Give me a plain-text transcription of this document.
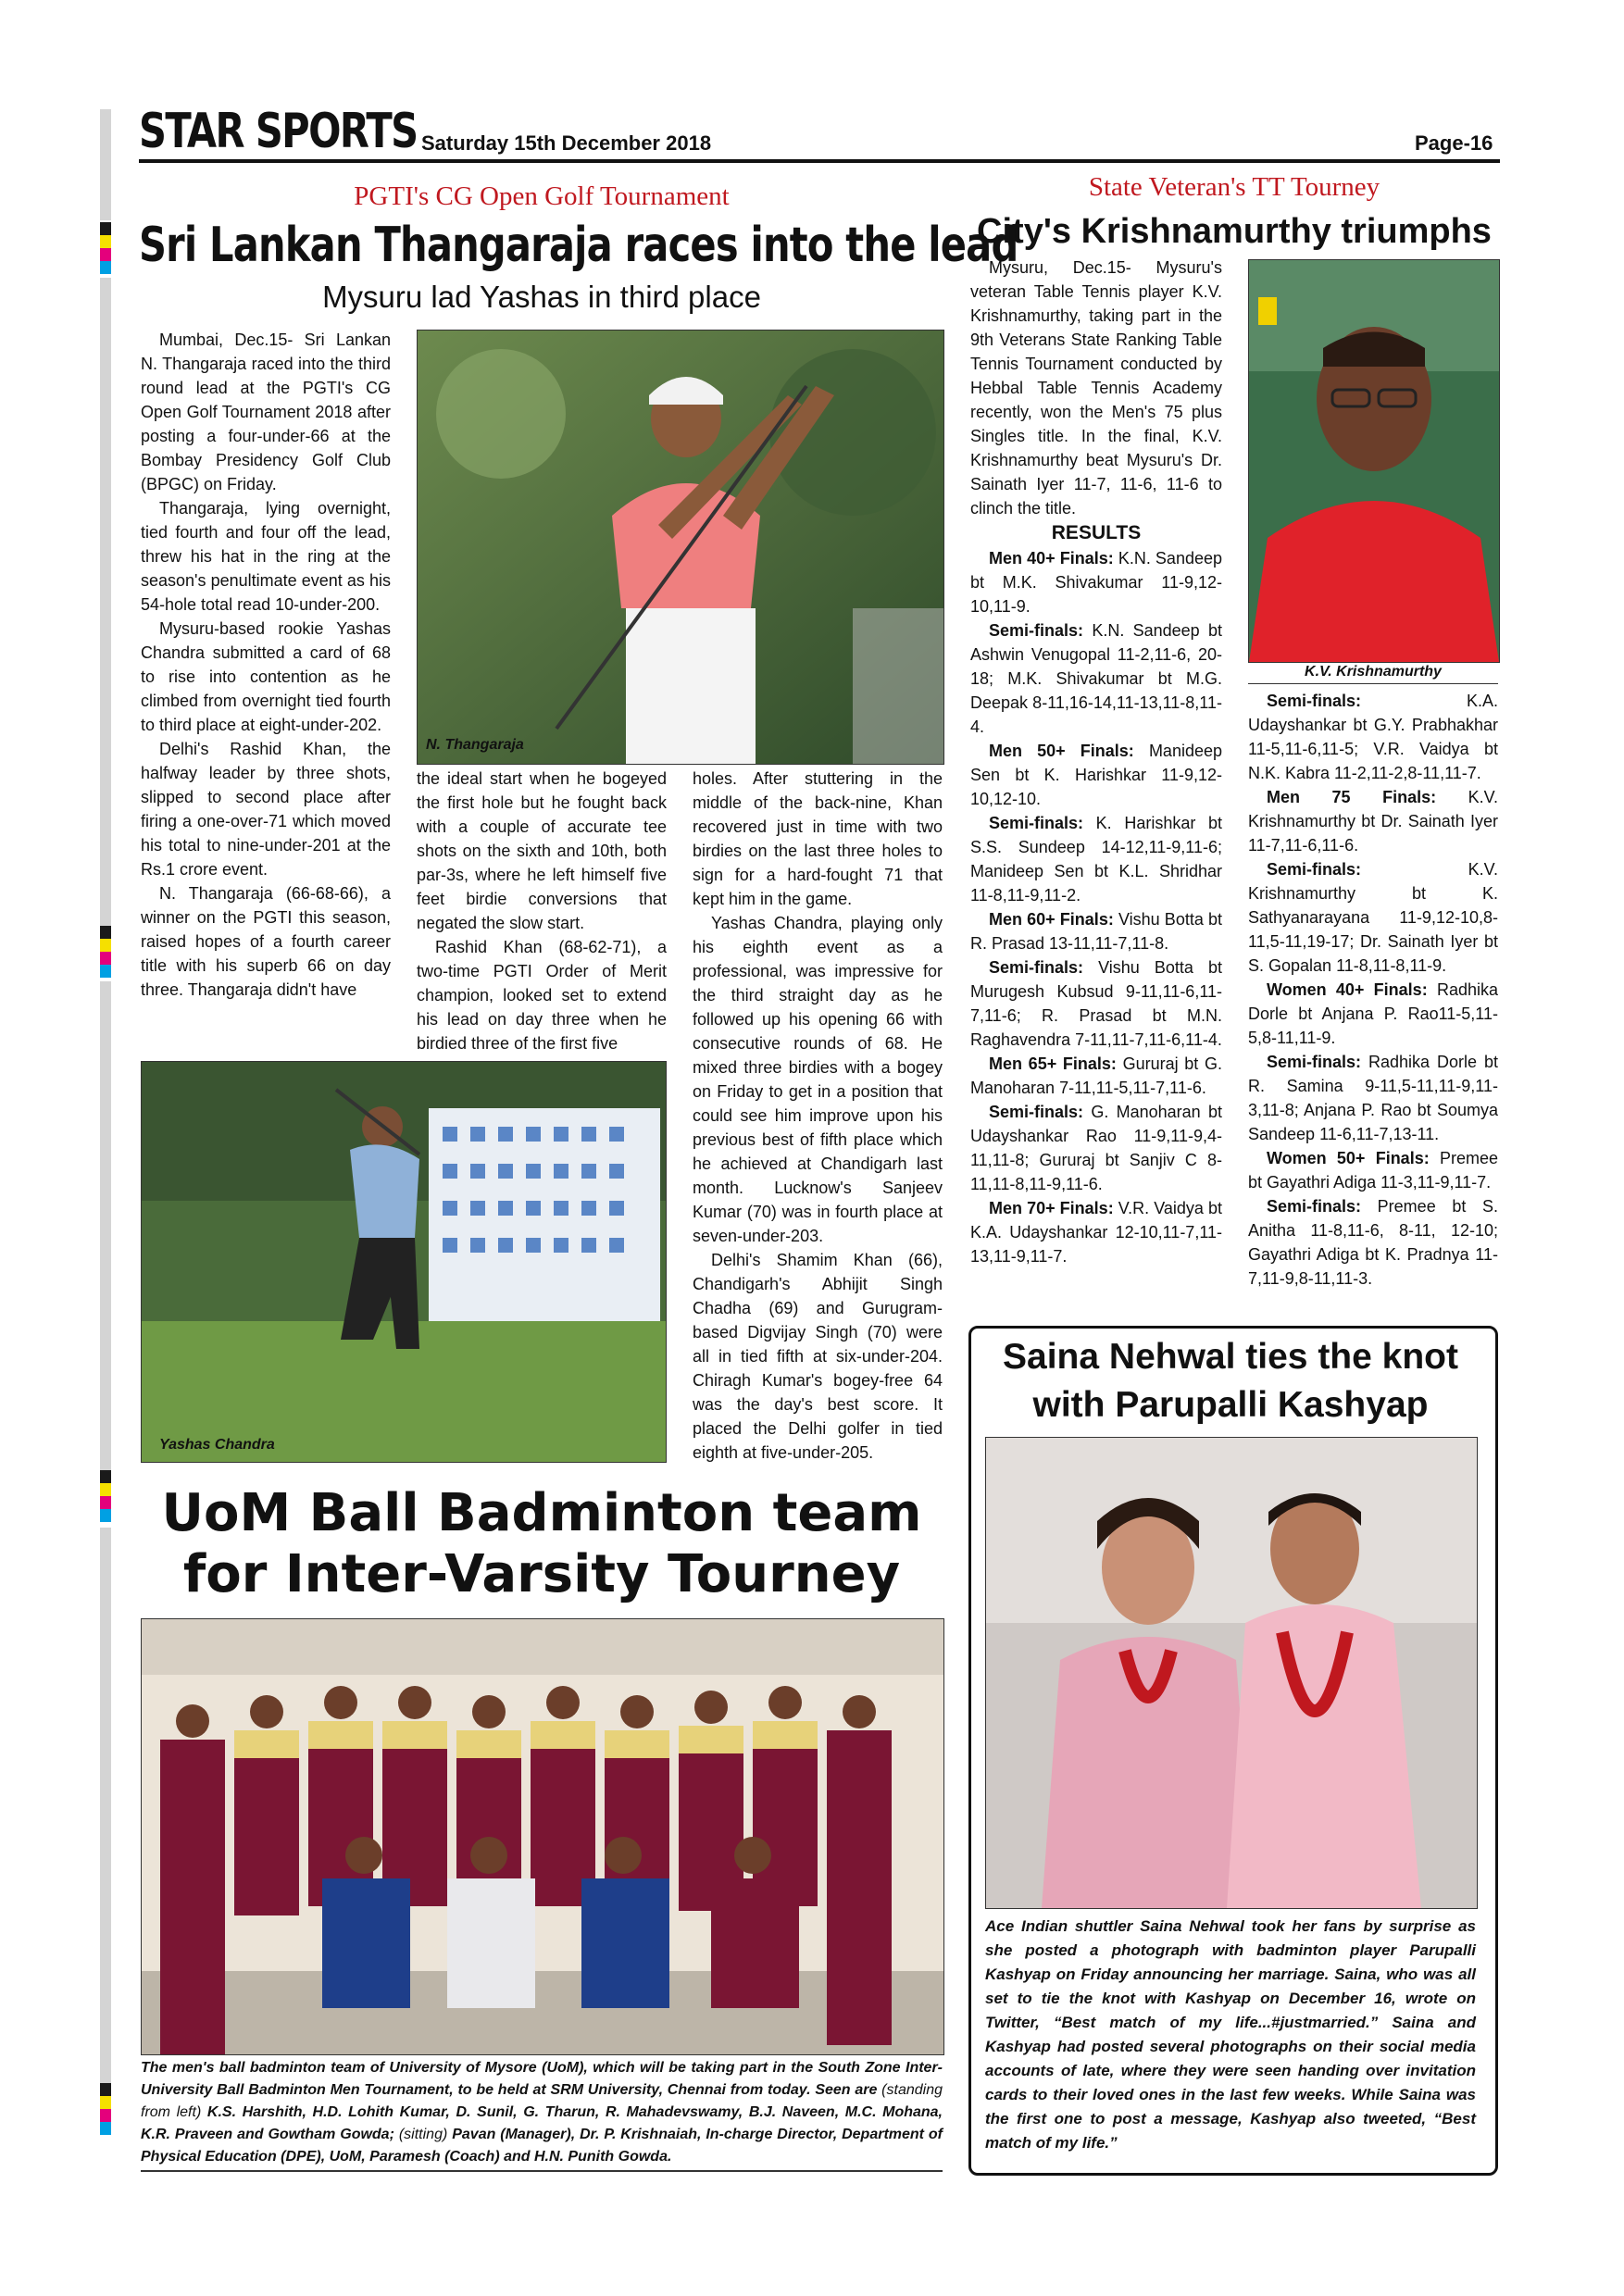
STAR SPORTS Saturday 15th December 2018	Page-16
PGTI's CG Open Golf Tournament
Sri Lankan Thangaraja races into the lead
Mysuru lad Yashas in third place

Mumbai, Dec.15- Sri Lankan N. Thangaraja raced into the third round lead at the PGTI's CG Open Golf Tournament 2018 after posting a four-under-66 at the Bombay Presidency Golf Club (BPGC) on Friday.

Thangaraja, lying overnight, tied fourth and four off the lead, threw his hat in the ring at the season's penultimate event as his 54-hole total read 10-under-200.

Mysuru-based rookie Yashas Chandra submitted a card of 68 to rise into contention as he climbed from overnight tied fourth to third place at eight-under-202.

Delhi's Rashid Khan, the halfway leader by three shots, slipped to second place after firing a one-over-71 which moved his total to nine-under-201 at the Rs.1 crore event.

N. Thangaraja (66-68-66), a winner on the PGTI this season, raised hopes of a fourth career title with his superb 66 on day three. Thangaraja didn't have

N. Thangaraja

the ideal start when he bogeyed the first hole but he fought back with a couple of accurate tee shots on the sixth and 10th, both par-3s, where he left himself five feet birdie conversions that negated the slow start.

Rashid Khan (68-62-71), a two-time PGTI Order of Merit champion, looked set to extend his lead on day three when he birdied three of the first five

holes. After stuttering in the middle of the back-nine, Khan recovered just in time with two birdies on the last three holes to sign for a hard-fought 71 that kept him in the game.

Yashas Chandra, playing only his eighth event as a professional, was impressive for the third straight day as he followed up his opening 66 with consecutive rounds of 68. He mixed three birdies with a bogey on Friday to get in a position that could see him improve upon his previous best of fifth place which he achieved at Chandigarh last month. Lucknow's Sanjeev Kumar (70) was in fourth place at seven-under-203.

Delhi's Shamim Khan (66), Chandigarh's Abhijit Singh Chadha (69) and Gurugram-based Digvijay Singh (70) were all in tied fifth at six-under-204. Chiragh Kumar's bogey-free 64 was the day's best score. It placed the Delhi golfer in tied eighth at five-under-205.

Yashas Chandra
State Veteran's TT Tourney
City's Krishnamurthy triumphs

Mysuru, Dec.15- Mysuru's veteran Table Tennis player K.V. Krishnamurthy, taking part in the 9th Veterans State Ranking Table Tennis Tournament conducted by Hebbal Table Tennis Academy recently, won the Men's 75 plus Singles title. In the final, K.V. Krishnamurthy beat Mysuru's Dr. Sainath Iyer 11-7, 11-6, 11-6 to clinch the title.

RESULTS

Men 40+ Finals: K.N. Sandeep bt M.K. Shivakumar 11-9,12-10,11-9.

Semi-finals: K.N. Sandeep bt Ashwin Venugopal 11-2,11-6, 20-18; M.K. Shivakumar bt M.G. Deepak 8-11,16-14,11-13,11-8,11-4.

Men 50+ Finals: Manideep Sen bt K. Harishkar 11-9,12-10,12-10.

Semi-finals: K. Harishkar bt S.S. Sundeep 14-12,11-9,11-6; Manideep Sen bt K.L. Shridhar 11-8,11-9,11-2.

Men 60+ Finals: Vishu Botta bt R. Prasad 13-11,11-7,11-8.

Semi-finals: Vishu Botta bt Murugesh Kubsud 9-11,11-6,11-7,11-6; R. Prasad bt M.N. Raghavendra 7-11,11-7,11-6,11-4.

Men 65+ Finals: Gururaj bt G. Manoharan 7-11,11-5,11-7,11-6.

Semi-finals: G. Manoharan bt Udayshankar Rao 11-9,11-9,4-11,11-8; Gururaj bt Sanjiv C 8-11,11-8,11-9,11-6.

Men 70+ Finals: V.R. Vaidya bt K.A. Udayshankar 12-10,11-7,11-13,11-9,11-7.

K.V. Krishnamurthy

Semi-finals:	K.A. Udayshankar bt G.Y. Prabhakhar 11-5,11-6,11-5; V.R. Vaidya bt N.K. Kabra 11-2,11-2,8-11,11-7.

Men 75 Finals: K.V. Krishnamurthy bt Dr. Sainath Iyer 11-7,11-6,11-6.

Semi-finals:	K.V. Krishnamurthy bt K. Sathyanarayana 11-9,12-10,8-11,5-11,19-17; Dr. Sainath Iyer bt S. Gopalan 11-8,11-8,11-9.

Women 40+ Finals: Radhika Dorle bt Anjana P. Rao11-5,11-5,8-11,11-9.

Semi-finals: Radhika Dorle bt R. Samina 9-11,5-11,11-9,11-3,11-8; Anjana P. Rao bt Soumya Sandeep 11-6,11-7,13-11.

Women 50+ Finals: Premee bt Gayathri Adiga 11-3,11-9,11-7.

Semi-finals: Premee bt S. Anitha 11-8,11-6, 8-11, 12-10; Gayathri Adiga bt K. Pradnya 11-7,11-9,8-11,11-3.

UoM Ball Badminton team
for Inter-Varsity Tourney
The men's ball badminton team of University of Mysore (UoM), which will be taking part in the South Zone Inter-University Ball Badminton Men Tournament, to be held at SRM University, Chennai from today. Seen are (standing from left) K.S. Harshith, H.D. Lohith Kumar, D. Sunil, G. Tharun, R. Mahadevswamy, B.J. Naveen, M.C. Mohana, K.R. Praveen and Gowtham Gowda; (sitting) Pavan (Manager), Dr. P. Krishnaiah, In-charge Director, Department of Physical Education (DPE), UoM, Paramesh (Coach) and H.N. Punith Gowda.
Saina Nehwal ties the knot
with Parupalli Kashyap
Ace Indian shuttler Saina Nehwal took her fans by surprise as she posted a photograph with badminton player Parupalli Kashyap on Friday announcing her marriage. Saina, who was all set to tie the knot with Kashyap on December 16, wrote on Twitter, “Best match of my life...#justmarried.” Saina and Kashyap had posted several photographs on their social media accounts of late, where they were seen handing over invitation cards to their loved ones in the last few weeks. While Saina was the first one to post a message, Kashyap also tweeted, “Best match of my life.”
